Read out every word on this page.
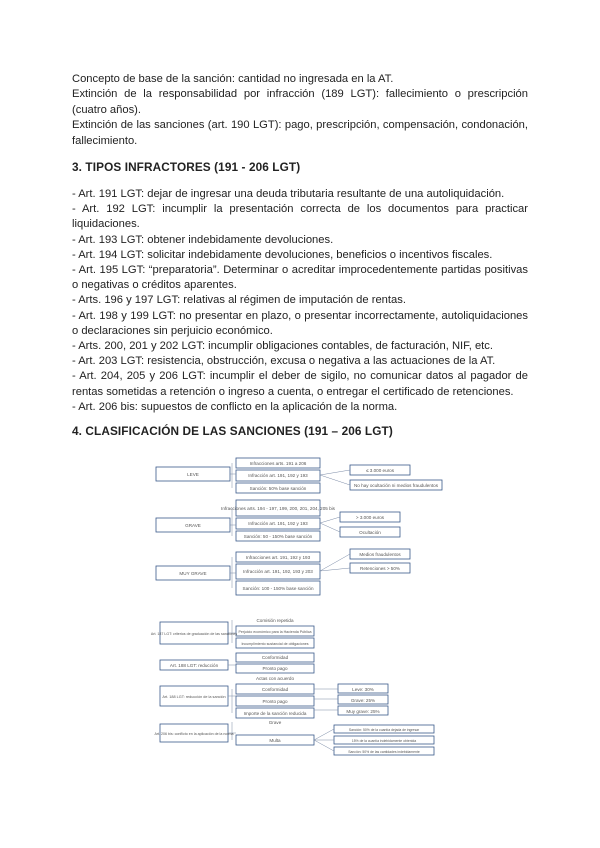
Concepto de base de la sanción: cantidad no ingresada en la AT.

Extinción de la responsabilidad por infracción (189 LGT): fallecimiento o prescripción (cuatro años).

Extinción de las sanciones (art. 190 LGT): pago, prescripción, compensación, condonación, fallecimiento.

3. TIPOS INFRACTORES (191 - 206 LGT)

- Art. 191 LGT: dejar de ingresar una deuda tributaria resultante de una autoliquidación.

- Art. 192 LGT: incumplir la presentación correcta de los documentos para practicar liquidaciones.

- Art. 193 LGT: obtener indebidamente devoluciones.

- Art. 194 LGT: solicitar indebidamente devoluciones, beneficios o incentivos fiscales.

- Art. 195 LGT: “preparatoria”. Determinar o acreditar improcedentemente partidas positivas o negativas o créditos aparentes.

- Arts. 196 y 197 LGT: relativas al régimen de imputación de rentas.

- Art. 198 y 199 LGT: no presentar en plazo, o presentar incorrectamente, autoliquidaciones o declaraciones sin perjuicio económico.

- Arts. 200, 201 y 202 LGT: incumplir obligaciones contables, de facturación, NIF, etc.

- Art. 203 LGT: resistencia, obstrucción, excusa o negativa a las actuaciones de la AT.

- Art. 204, 205 y 206 LGT: incumplir el deber de sigilo, no comunicar datos al pagador de rentas sometidas a retención o ingreso a cuenta, o entregar el certificado de retenciones.

- Art. 206 bis: supuestos de conflicto en la aplicación de la norma.

4. CLASIFICACIÓN DE LAS SANCIONES (191 – 206 LGT)
LEVE
Infracciones arts. 191 a 206
Infracción art. 191, 192 y 193
Sanción: 50% base sanción
≤ 3.000 euros
No hay ocultación ni medios fraudulentos
GRAVE
Infracciones arts. 194 - 197, 199, 200, 201, 204, 205 bis
Infracción art. 191, 192 y 193
Sanción: 50 - 150% base sanción
> 3.000 euros
Ocultación
MUY GRAVE
Infracciones art. 191, 192 y 193
Infracción art. 191, 192, 193 y 203
Sanción: 100 - 150% base sanción
Medios fraudulentos
Retenciones > 50%
Art. 187 LGT: criterios de graduación de las sanciones
Comisión repetida
Perjuicio económico para la Hacienda Pública
Incumplimiento sustancial de obligaciones
Art. 188 LGT: reducción
Conformidad
Pronto pago
Actas con acuerdo
Art. 188 LGT: reducción de la sanción
Conformidad
Pronto pago
Importe de la sanción reducida
Leve: 30%
Grave: 25%
Muy grave: 25%
Art. 206 bis: conflicto en la aplicación de la norma
Grave
Multa
Sanción: 50% de la cuantía dejada de ingresar
15% de la cuantía indebidamente obtenida
Sanción: 50% de las cantidades indebidamente
